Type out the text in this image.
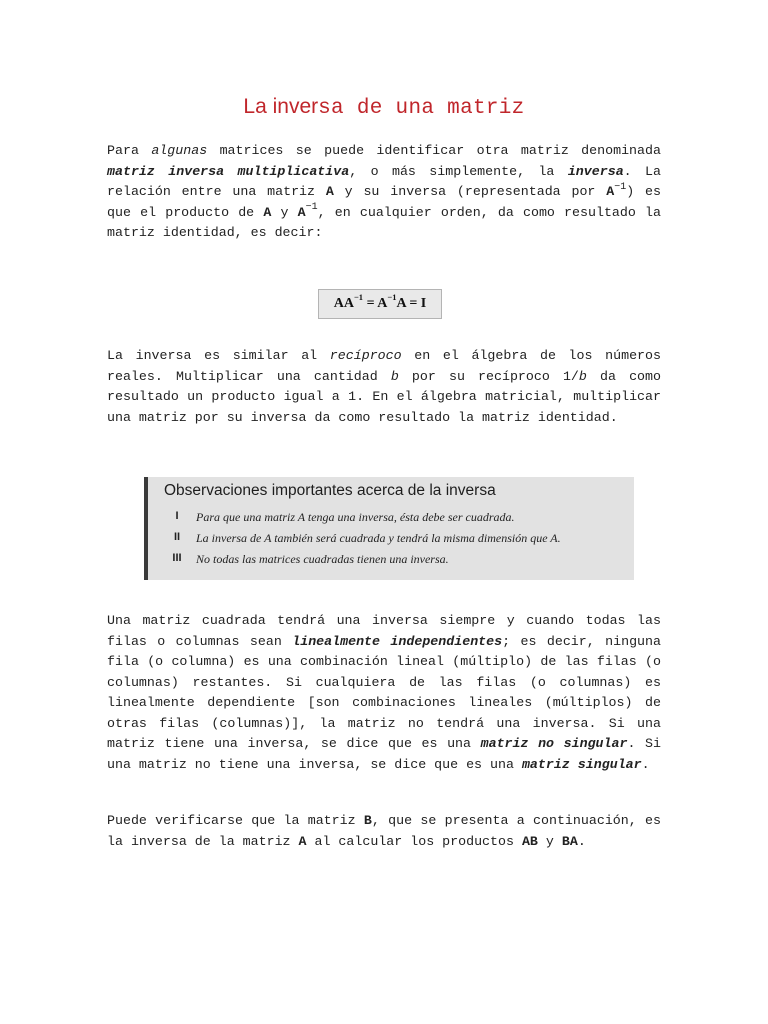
La inversa de una matriz

Para algunas matrices se puede identificar otra matriz denominada matriz inversa multiplicativa, o más simplemente, la inversa. La relación entre una matriz A y su inversa (representada por $A^{-1}$) es que el producto de A y $A^{-1}$, en cualquier orden, da como resultado la matriz identidad, es decir:

La inversa es similar al recíproco en el álgebra de los números reales. Multiplicar una cantidad b por su recíproco 1/b da como resultado un producto igual a 1. En el álgebra matricial, multiplicar una matriz por su inversa da como resultado la matriz identidad.

Una matriz cuadrada tendrá una inversa siempre y cuando todas las filas o columnas sean linealmente independientes; es decir, ninguna fila (o columna) es una combinación lineal (múltiplo) de las filas (o columnas) restantes. Si cualquiera de las filas (o columnas) es linealmente dependiente [son combinaciones lineales (múltiplos) de otras filas (columnas)], la matriz no tendrá una inversa. Si una matriz tiene una inversa, se dice que es una matriz no singular. Si una matriz no tiene una inversa, se dice que es una matriz singular.

Puede verificarse que la matriz B, que se presenta a continuación, es la inversa de la matriz A al calcular los productos AB y BA.

$AA^{-1} = A^{-1}A = I$
Observaciones importantes acerca de la inversa
I	Para que una matriz A tenga una inversa, ésta debe ser cuadrada.
II	La inversa de A también será cuadrada y tendrá la misma dimensión que A.
III	No todas las matrices cuadradas tienen una inversa.
